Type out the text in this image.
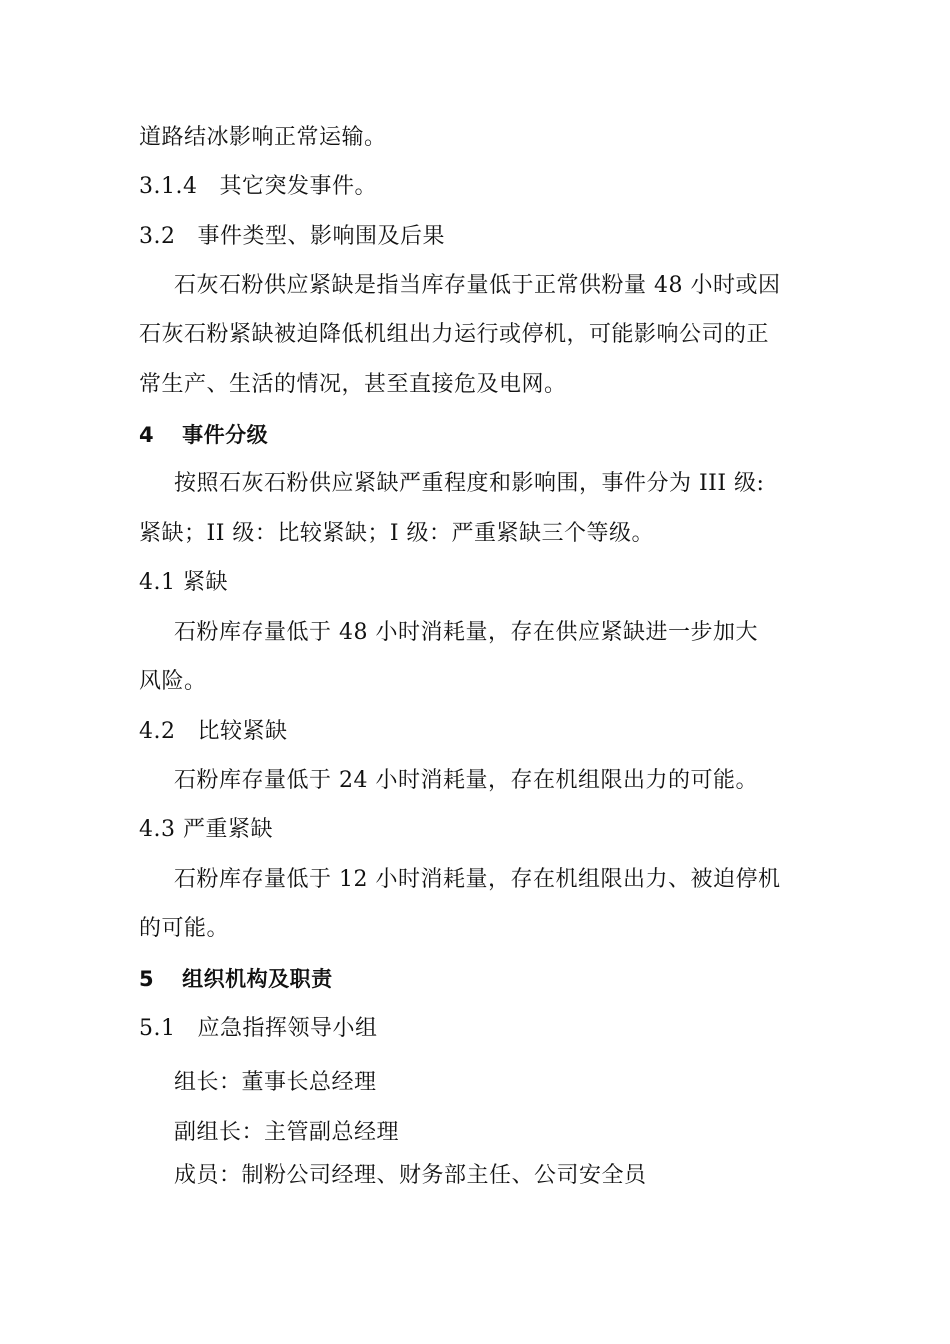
道路结冰影响正常运输。
3.1.4 其它突发事件。
3.2 事件类型、影响围及后果
石灰石粉供应紧缺是指当库存量低于正常供粉量 48 小时或因
石灰石粉紧缺被迫降低机组出力运行或停机，可能影响公司的正
常生产、生活的情况，甚至直接危及电网。
4 事件分级
按照石灰石粉供应紧缺严重程度和影响围，事件分为 III 级:
紧缺；II 级：比较紧缺；I 级：严重紧缺三个等级。
4.1 紧缺
石粉库存量低于 48 小时消耗量，存在供应紧缺进一步加大
风险。
4.2 比较紧缺
石粉库存量低于 24 小时消耗量，存在机组限出力的可能。
4.3 严重紧缺
石粉库存量低于 12 小时消耗量，存在机组限出力、被迫停机
的可能。
5 组织机构及职责
5.1 应急指挥领导小组
组长：董事长总经理
副组长：主管副总经理
成员：制粉公司经理、财务部主任、公司安全员
